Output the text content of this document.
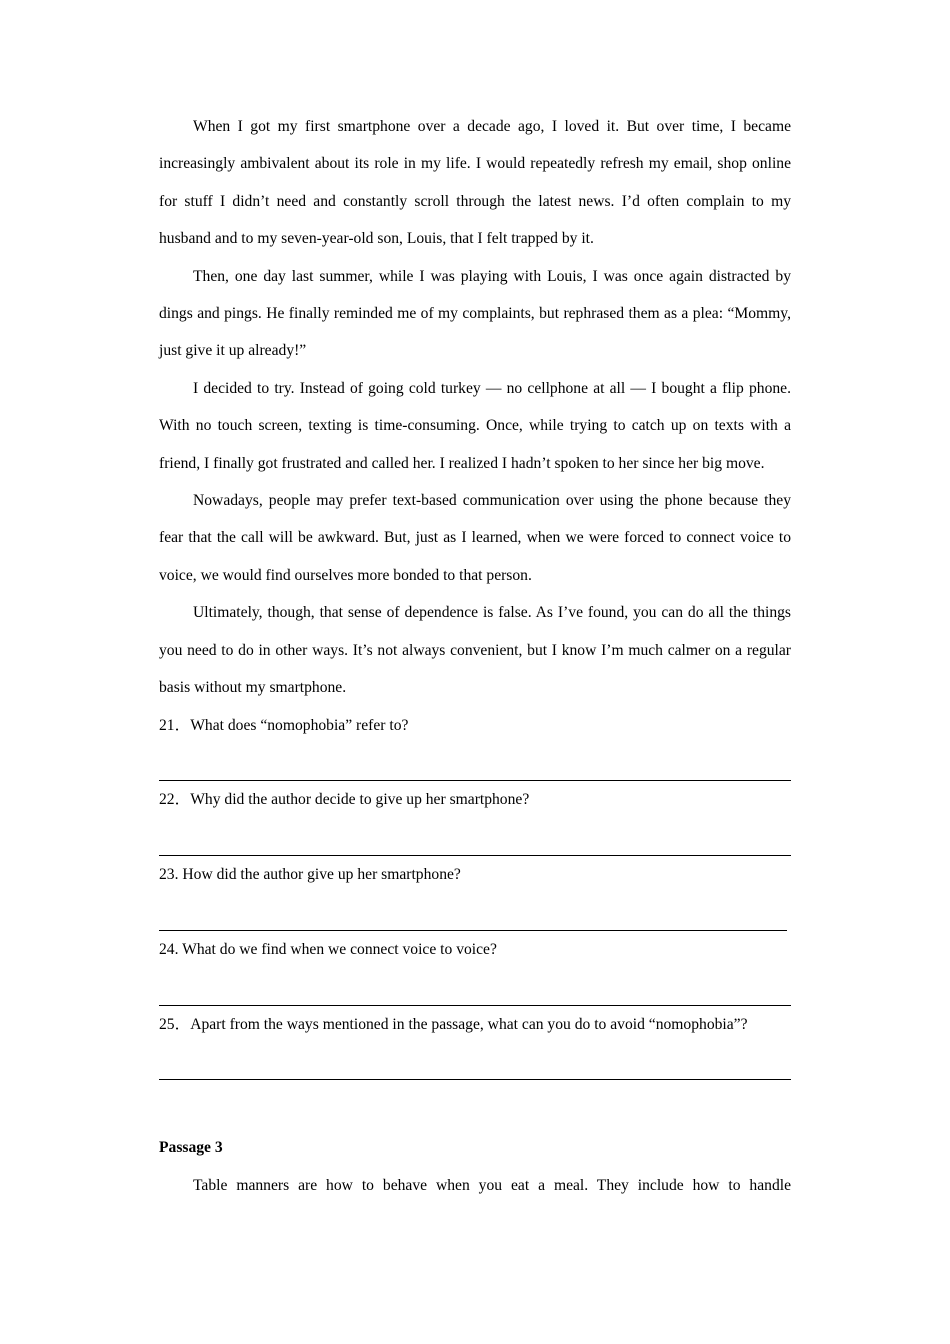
When I got my first smartphone over a decade ago, I loved it. But over time, I became increasingly ambivalent about its role in my life. I would repeatedly refresh my email, shop online for stuff I didn’t need and constantly scroll through the latest news. I’d often complain to my husband and to my seven-year-old son, Louis, that I felt trapped by it.

Then, one day last summer, while I was playing with Louis, I was once again distracted by dings and pings. He finally reminded me of my complaints, but rephrased them as a plea: “Mommy, just give it up already!”

I decided to try. Instead of going cold turkey — no cellphone at all — I bought a flip phone. With no touch screen, texting is time-consuming. Once, while trying to catch up on texts with a friend, I finally got frustrated and called her. I realized I hadn’t spoken to her since her big move.

Nowadays, people may prefer text-based communication over using the phone because they fear that the call will be awkward. But, just as I learned, when we were forced to connect voice to voice, we would find ourselves more bonded to that person.

Ultimately, though, that sense of dependence is false. As I’ve found, you can do all the things you need to do in other ways. It’s not always convenient, but I know I’m much calmer on a regular basis without my smartphone.

21．What does “nomophobia” refer to?

22．Why did the author decide to give up her smartphone?

23. How did the author give up her smartphone?

24. What do we find when we connect voice to voice?

25．Apart from the ways mentioned in the passage, what can you do to avoid “nomophobia”?

Passage 3

Table manners are how to behave when you eat a meal. They include how to handle
